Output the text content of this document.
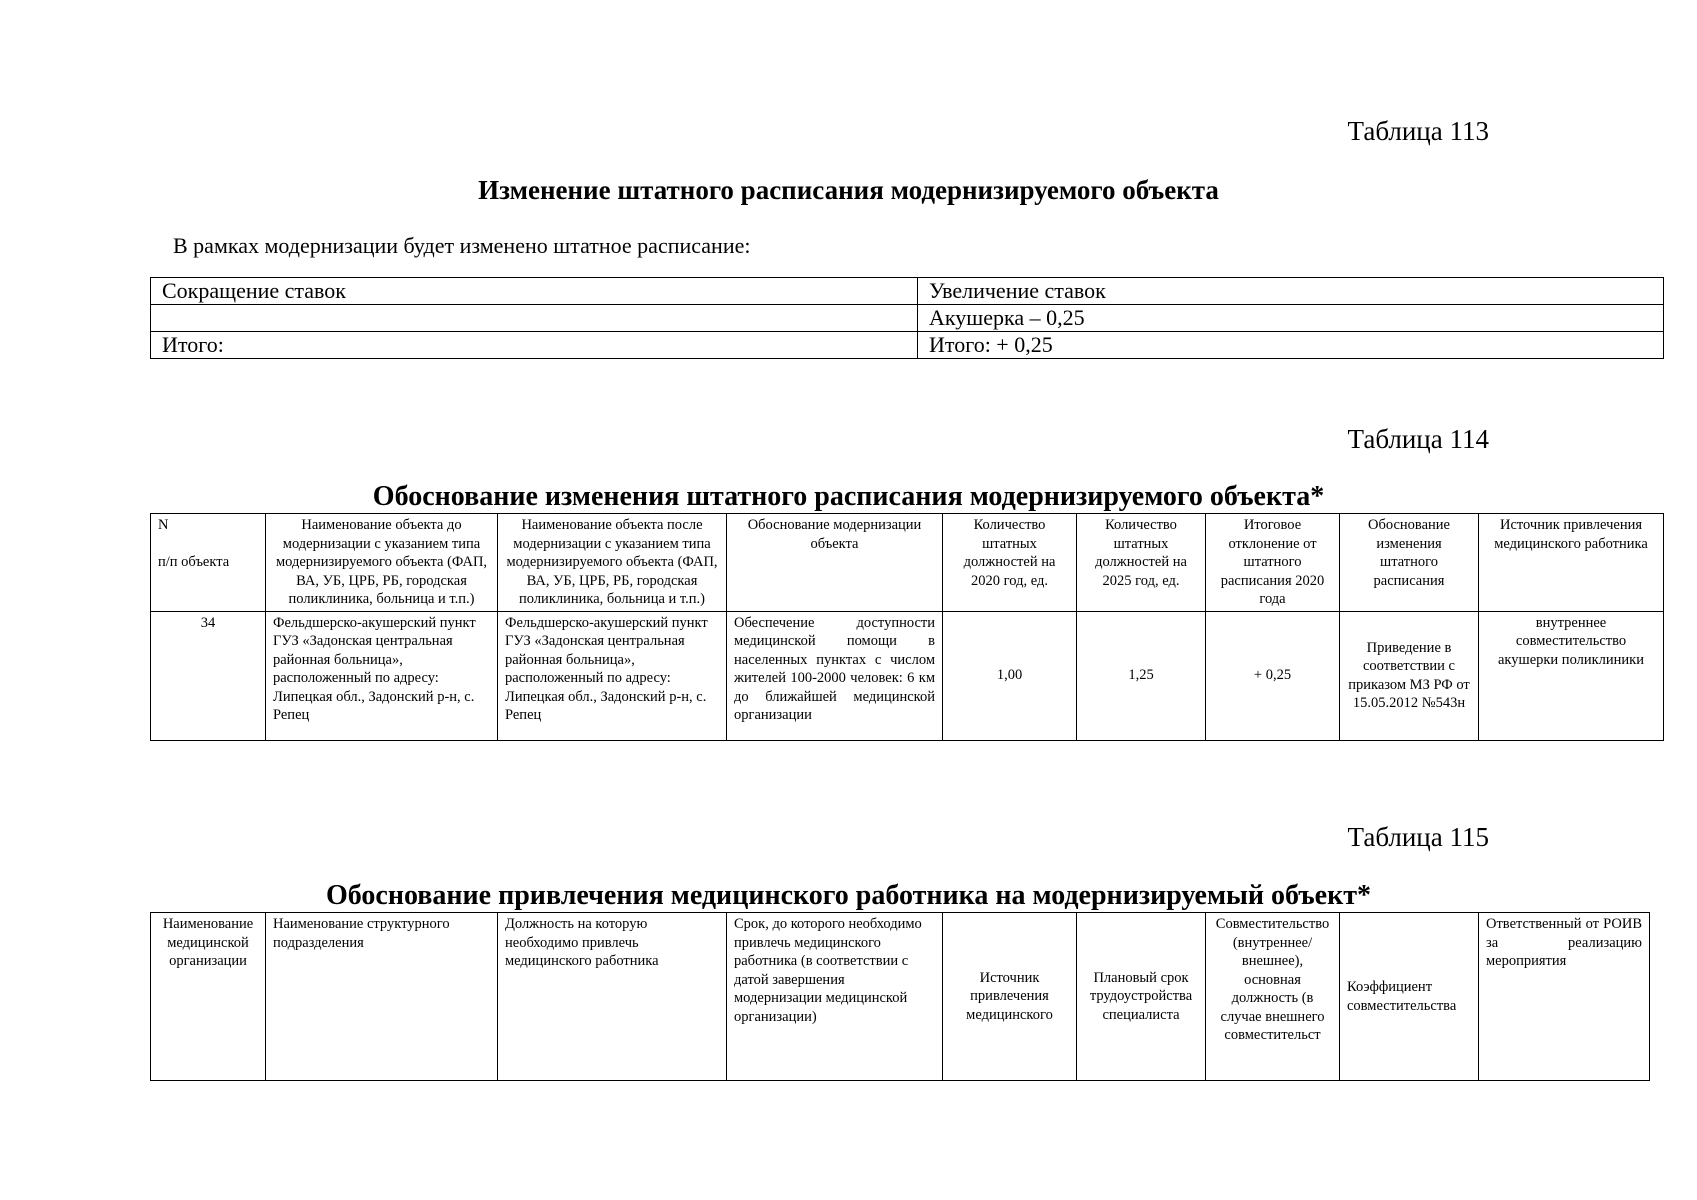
Таблица 113
Изменение штатного расписания модернизируемого объекта
В рамках модернизации будет изменено штатное расписание:
Сокращение ставок	Увеличение ставок
	Акушерка – 0,25
Итого:	Итого: + 0,25
Таблица 114
Обоснование изменения штатного расписания модернизируемого объекта*
N

п/п объекта	Наименование объекта до модернизации с указанием типа модернизируемого объекта (ФАП, ВА, УБ, ЦРБ, РБ, городская поликлиника, больница и т.п.)	Наименование объекта после модернизации с указанием типа модернизируемого объекта (ФАП, ВА, УБ, ЦРБ, РБ, городская поликлиника, больница и т.п.)	Обоснование модернизации объекта	Количество штатных должностей на 2020 год, ед.	Количество штатных должностей на 2025 год, ед.	Итоговое отклонение от штатного расписания 2020 года	Обоснование изменения штатного расписания	Источник привлечения медицинского работника
34	Фельдшерско-акушерский пункт ГУЗ «Задонская центральная районная больница», расположенный по адресу: Липецкая обл., Задонский р-н, с. Репец	Фельдшерско-акушерский пункт ГУЗ «Задонская центральная районная больница», расположенный по адресу: Липецкая обл., Задонский р-н, с. Репец	Обеспечение доступности медицинской помощи в населенных пунктах с числом жителей 100-2000 человек: 6 км до ближайшей медицинской организации	1,00	1,25	+ 0,25	Приведение в соответствии с приказом МЗ РФ от 15.05.2012 №543н	внутреннее совместительство акушерки поликлиники
Таблица 115
Обоснование привлечения медицинского работника на модернизируемый объект*
Наименование медицинской организации	Наименование структурного подразделения	Должность на которую необходимо привлечь медицинского работника	Срок, до которого необходимо привлечь медицинского работника (в соответствии с датой завершения модернизации медицинской организации)	Источник привлечения медицинского	Плановый срок трудоустройства специалиста	Совместительство (внутреннее/внешнее), основная должность (в случае внешнего совместительст	Коэффициент совместительства	Ответственный от РОИВ за реализацию мероприятия
